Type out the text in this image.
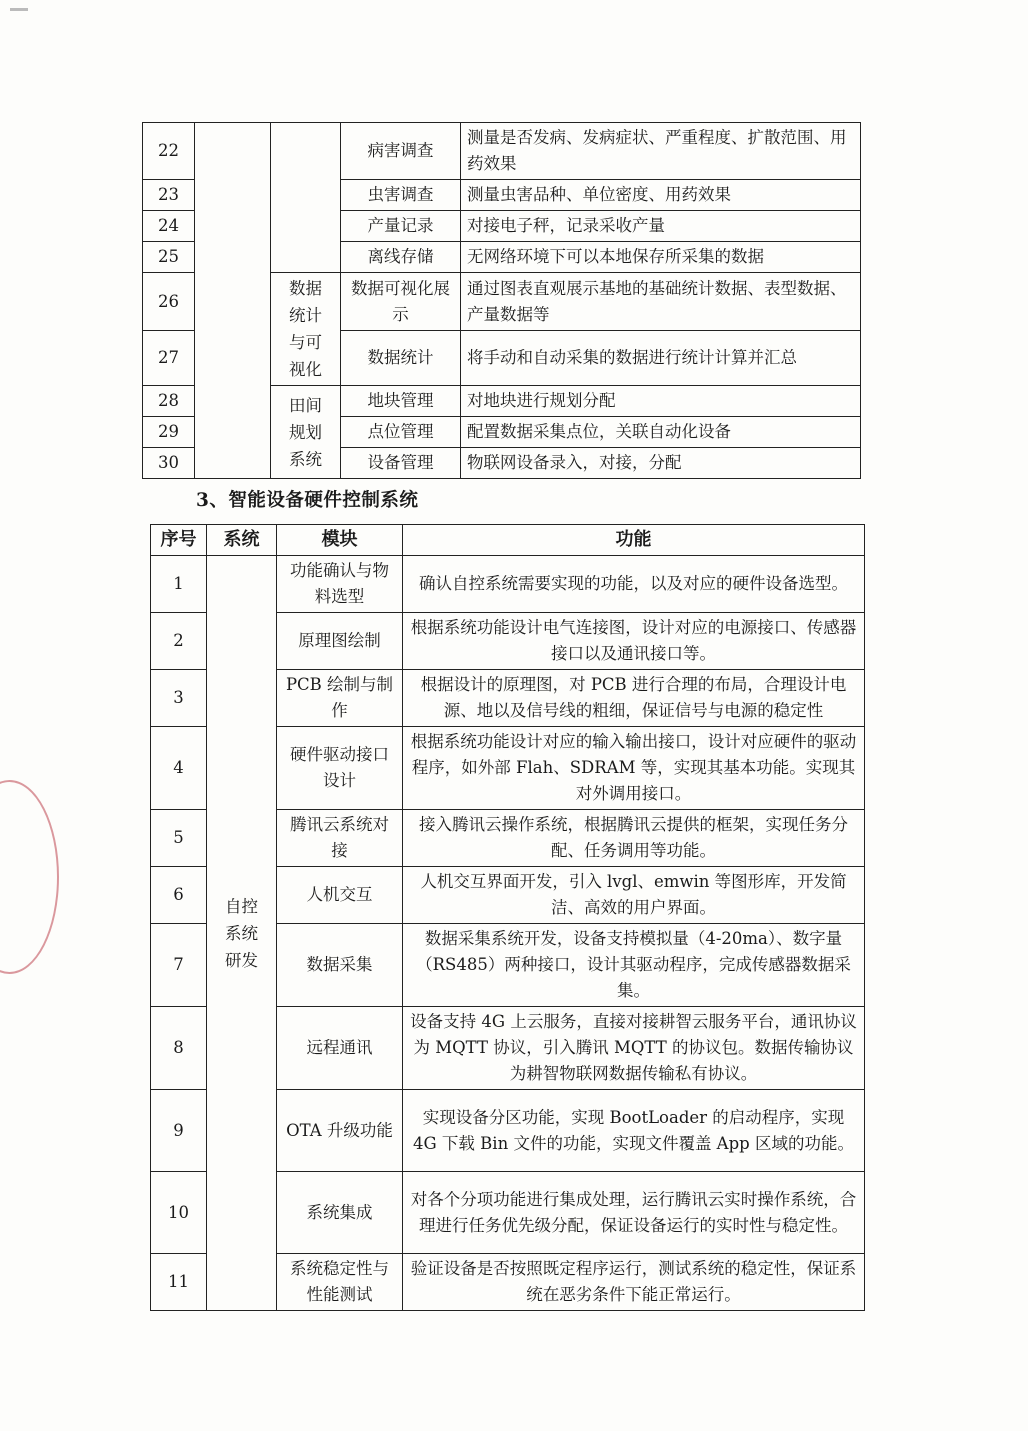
22			病害调查	测量是否发病、发病症状、严重程度、扩散范围、用药效果
23			虫害调查	测量虫害品种、单位密度、用药效果
24			产量记录	对接电子秤，记录采收产量
25			离线存储	无网络环境下可以本地保存所采集的数据
26		数据统计与可视化	数据可视化展示	通过图表直观展示基地的基础统计数据、表型数据、产量数据等
27			数据统计	将手动和自动采集的数据进行统计计算并汇总
28		田间规划系统	地块管理	对地块进行规划分配
29			点位管理	配置数据采集点位，关联自动化设备
30			设备管理	物联网设备录入，对接，分配
3、智能设备硬件控制系统
序号	系统	模块	功能
1	自控系统研发	功能确认与物料选型	确认自控系统需要实现的功能，以及对应的硬件设备选型。
2		原理图绘制	根据系统功能设计电气连接图，设计对应的电源接口、传感器接口以及通讯接口等。
3		PCB 绘制与制作	根据设计的原理图，对 PCB 进行合理的布局，合理设计电源、地以及信号线的粗细，保证信号与电源的稳定性
4		硬件驱动接口设计	根据系统功能设计对应的输入输出接口，设计对应硬件的驱动程序，如外部 Flah、SDRAM 等，实现其基本功能。实现其对外调用接口。
5		腾讯云系统对接	接入腾讯云操作系统，根据腾讯云提供的框架，实现任务分配、任务调用等功能。
6		人机交互	人机交互界面开发，引入 lvgl、emwin 等图形库，开发简洁、高效的用户界面。
7		数据采集	数据采集系统开发，设备支持模拟量（4-20ma）、数字量（RS485）两种接口，设计其驱动程序，完成传感器数据采集。
8		远程通讯	设备支持 4G 上云服务，直接对接耕智云服务平台，通讯协议为 MQTT 协议，引入腾讯 MQTT 的协议包。数据传输协议为耕智物联网数据传输私有协议。
9		OTA 升级功能	实现设备分区功能，实现 BootLoader 的启动程序，实现 4G 下载 Bin 文件的功能，实现文件覆盖 App 区域的功能。
10		系统集成	对各个分项功能进行集成处理，运行腾讯云实时操作系统，合理进行任务优先级分配，保证设备运行的实时性与稳定性。
11		系统稳定性与性能测试	验证设备是否按照既定程序运行，测试系统的稳定性，保证系统在恶劣条件下能正常运行。
